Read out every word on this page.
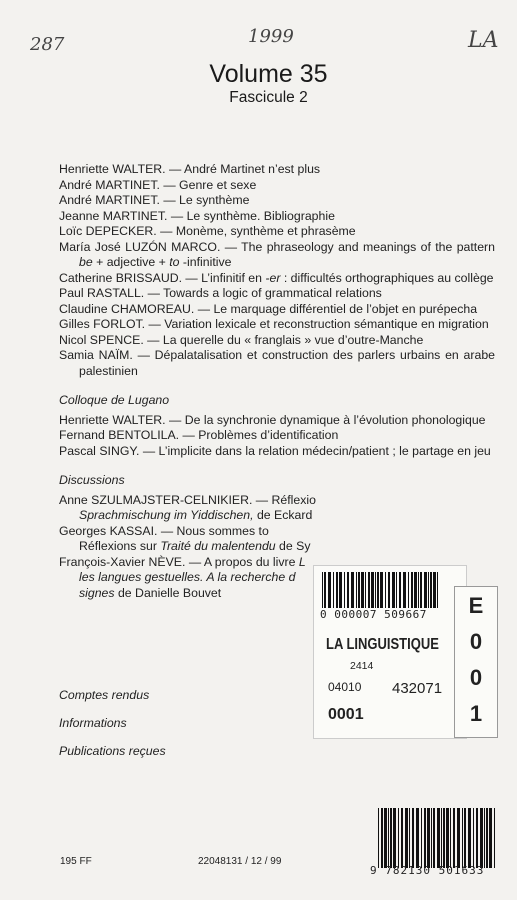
287	1999	LA
Volume 35
Fascicule 2
Henriette WALTER. — André Martinet n’est plus
André MARTINET. — Genre et sexe
André MARTINET. — Le synthème
Jeanne MARTINET. — Le synthème. Bibliographie
Loïc DEPECKER. — Monème, synthème et phrasème
María José LUZÓN MARCO. — The phraseology and meanings of the pattern be + adjective + to -infinitive
Catherine BRISSAUD. — L’infinitif en -er : difficultés orthographiques au collège
Paul RASTALL. — Towards a logic of grammatical relations
Claudine CHAMOREAU. — Le marquage différentiel de l’objet en purépecha
Gilles FORLOT. — Variation lexicale et reconstruction sémantique en migration
Nicol SPENCE. — La querelle du « franglais » vue d’outre-Manche
Samia NAÏM. — Dépalatalisation et construction des parlers urbains en arabe palestinien
Colloque de Lugano
Henriette WALTER. — De la synchronie dynamique à l’évolution phonologique
Fernand BENTOLILA. — Problèmes d’identification
Pascal SINGY. — L’implicite dans la relation médecin/patient ; le partage en jeu
Discussions
Anne SZULMAJSTER-CELNIKIER. — Réflexio
Sprachmischung im Yiddischen, de Eckard
Georges KASSAI. — Nous sommes to
Réflexions sur Traité du malentendu de Sy
François-Xavier NÈVE. — A propos du livre L
les langues gestuelles. A la recherche d
signes de Danielle Bouvet
Comptes rendus
Informations
Publications reçues
195 FF	22048131 / 12 / 99
0 000007 509667
LA LINGUISTIQUE
2414
04010 432071
0001
E
0
0
1
9 782130 501633
